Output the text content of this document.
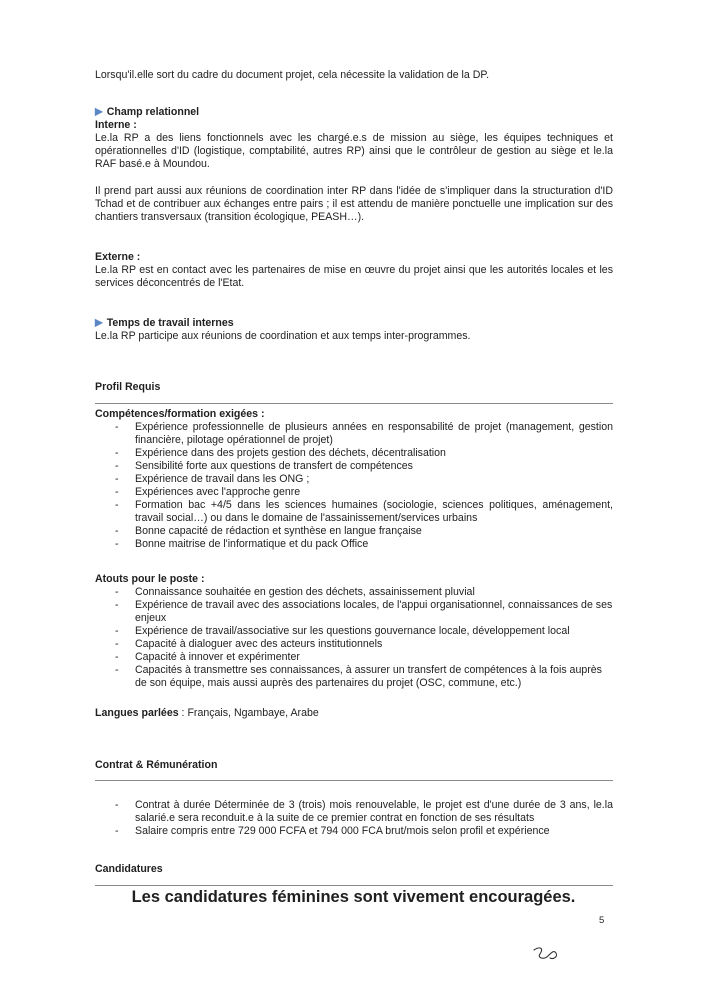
Lorsqu'il.elle sort du cadre du document projet, cela nécessite la validation de la DP.

▶ Champ relationnel

Interne :

Le.la RP a des liens fonctionnels avec les chargé.e.s de mission au siège, les équipes techniques et opérationnelles d'ID (logistique, comptabilité, autres RP) ainsi que le contrôleur de gestion au siège et le.la RAF basé.e à Moundou.

Il prend part aussi aux réunions de coordination inter RP dans l'idée de s'impliquer dans la structuration d'ID Tchad et de contribuer aux échanges entre pairs ; il est attendu de manière ponctuelle une implication sur des chantiers transversaux (transition écologique, PEASH…).

Externe :

Le.la RP est en contact avec les partenaires de mise en œuvre du projet ainsi que les autorités locales et les services déconcentrés de l'Etat.

▶ Temps de travail internes

Le.la RP participe aux réunions de coordination et aux temps inter-programmes.

Profil Requis

Compétences/formation exigées :

- Expérience professionnelle de plusieurs années en responsabilité de projet (management, gestion financière, pilotage opérationnel de projet)
- Expérience dans des projets gestion des déchets, décentralisation
- Sensibilité forte aux questions de transfert de compétences
- Expérience de travail dans les ONG ;
- Expériences avec l'approche genre
- Formation bac +4/5 dans les sciences humaines (sociologie, sciences politiques, aménagement, travail social…) ou dans le domaine de l'assainissement/services urbains
- Bonne capacité de rédaction et synthèse en langue française
- Bonne maitrise de l'informatique et du pack Office

Atouts pour le poste :

- Connaissance souhaitée en gestion des déchets, assainissement pluvial
- Expérience de travail avec des associations locales, de l'appui organisationnel, connaissances de ses enjeux
- Expérience de travail/associative sur les questions gouvernance locale, développement local
- Capacité à dialoguer avec des acteurs institutionnels
- Capacité à innover et expérimenter
- Capacités à transmettre ses connaissances, à assurer un transfert de compétences à la fois auprès de son équipe, mais aussi auprès des partenaires du projet (OSC, commune, etc.)

Langues parlées : Français, Ngambaye, Arabe

Contrat & Rémunération

- Contrat à durée Déterminée de 3 (trois) mois renouvelable, le projet est d'une durée de 3 ans, le.la salarié.e sera reconduit.e à la suite de ce premier contrat en fonction de ses résultats
- Salaire compris entre 729 000 FCFA et 794 000 FCA brut/mois selon profil et expérience

Candidatures

Les candidatures féminines sont vivement encouragées.
5
